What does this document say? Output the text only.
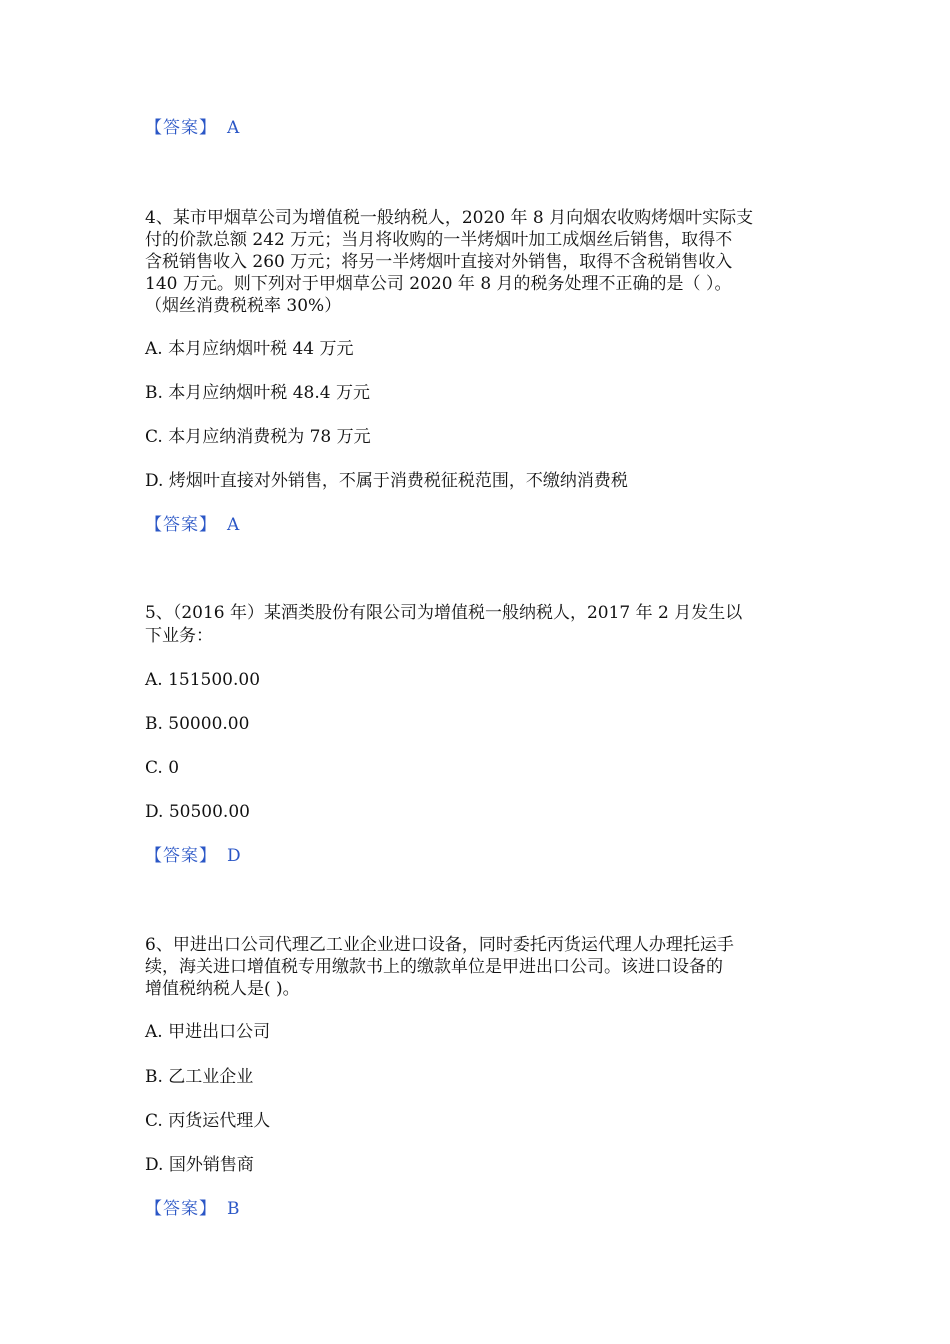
【答案】 A
4、某市甲烟草公司为增值税一般纳税人，2020 年 8 月向烟农收购烤烟叶实际支
付的价款总额 242 万元；当月将收购的一半烤烟叶加工成烟丝后销售，取得不
含税销售收入 260 万元；将另一半烤烟叶直接对外销售，取得不含税销售收入
140 万元。则下列对于甲烟草公司 2020 年 8 月的税务处理不正确的是（ ）。
（烟丝消费税税率 30%）
A. 本月应纳烟叶税 44 万元
B. 本月应纳烟叶税 48.4 万元
C. 本月应纳消费税为 78 万元
D. 烤烟叶直接对外销售，不属于消费税征税范围，不缴纳消费税
【答案】 A
5、（2016 年）某酒类股份有限公司为增值税一般纳税人，2017 年 2 月发生以
下业务：
A. 151500.00
B. 50000.00
C. 0
D. 50500.00
【答案】 D
6、甲进出口公司代理乙工业企业进口设备，同时委托丙货运代理人办理托运手
续，海关进口增值税专用缴款书上的缴款单位是甲进出口公司。该进口设备的
增值税纳税人是( )。
A. 甲进出口公司
B. 乙工业企业
C. 丙货运代理人
D. 国外销售商
【答案】 B
